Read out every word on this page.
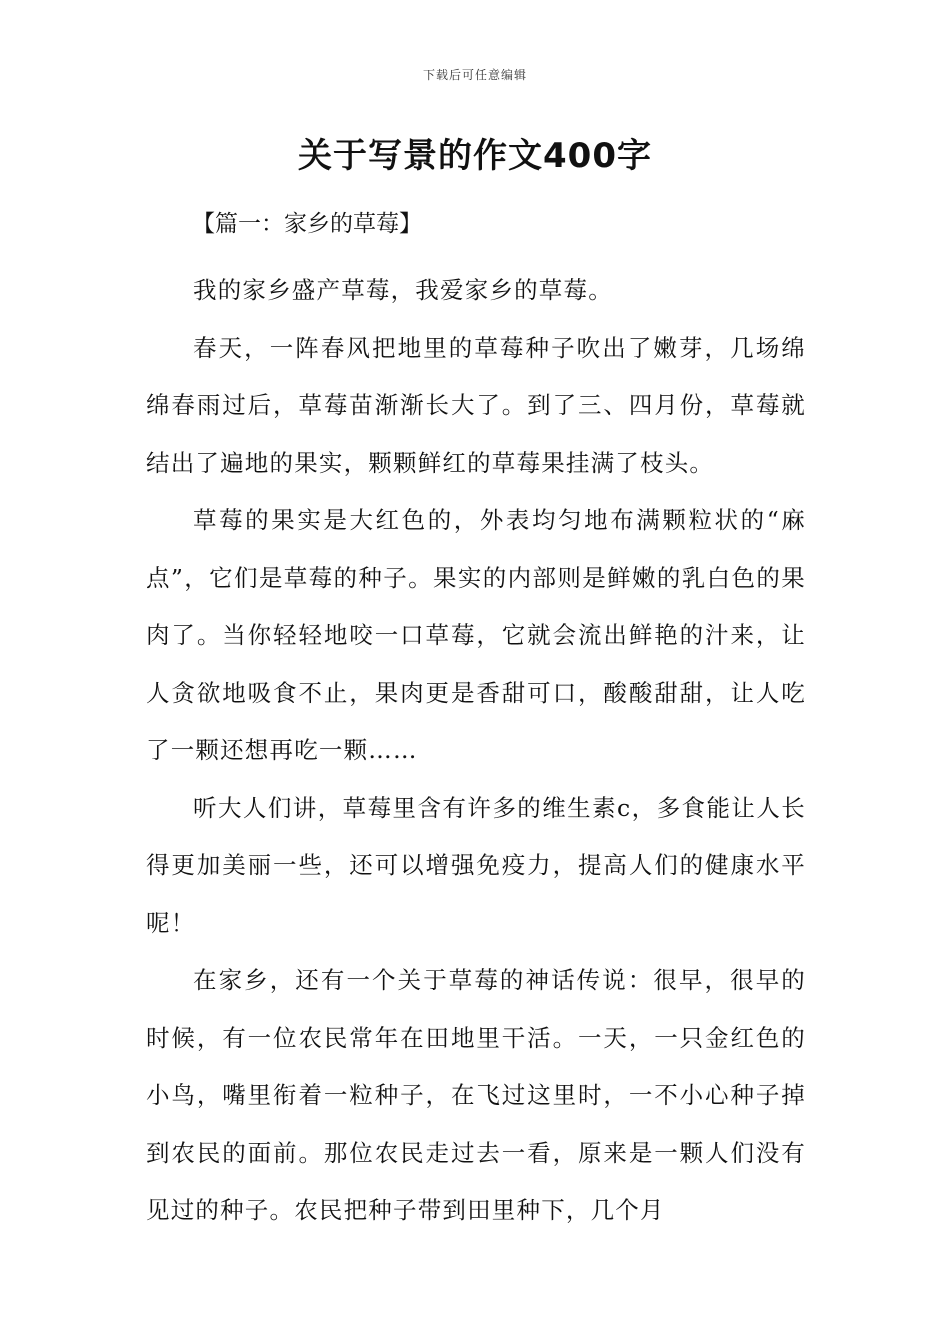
下载后可任意编辑
关于写景的作文400字
【篇一：家乡的草莓】

我的家乡盛产草莓，我爱家乡的草莓。

春天，一阵春风把地里的草莓种子吹出了嫩芽，几场绵绵春雨过后，草莓苗渐渐长大了。到了三、四月份，草莓就结出了遍地的果实，颗颗鲜红的草莓果挂满了枝头。

草莓的果实是大红色的，外表均匀地布满颗粒状的“麻点”，它们是草莓的种子。果实的内部则是鲜嫩的乳白色的果肉了。当你轻轻地咬一口草莓，它就会流出鲜艳的汁来，让人贪欲地吸食不止，果肉更是香甜可口，酸酸甜甜，让人吃了一颗还想再吃一颗……

听大人们讲，草莓里含有许多的维生素c，多食能让人长得更加美丽一些，还可以增强免疫力，提高人们的健康水平呢！

在家乡，还有一个关于草莓的神话传说：很早，很早的时候，有一位农民常年在田地里干活。一天，一只金红色的小鸟，嘴里衔着一粒种子，在飞过这里时，一不小心种子掉到农民的面前。那位农民走过去一看，原来是一颗人们没有见过的种子。农民把种子带到田里种下，几个月
